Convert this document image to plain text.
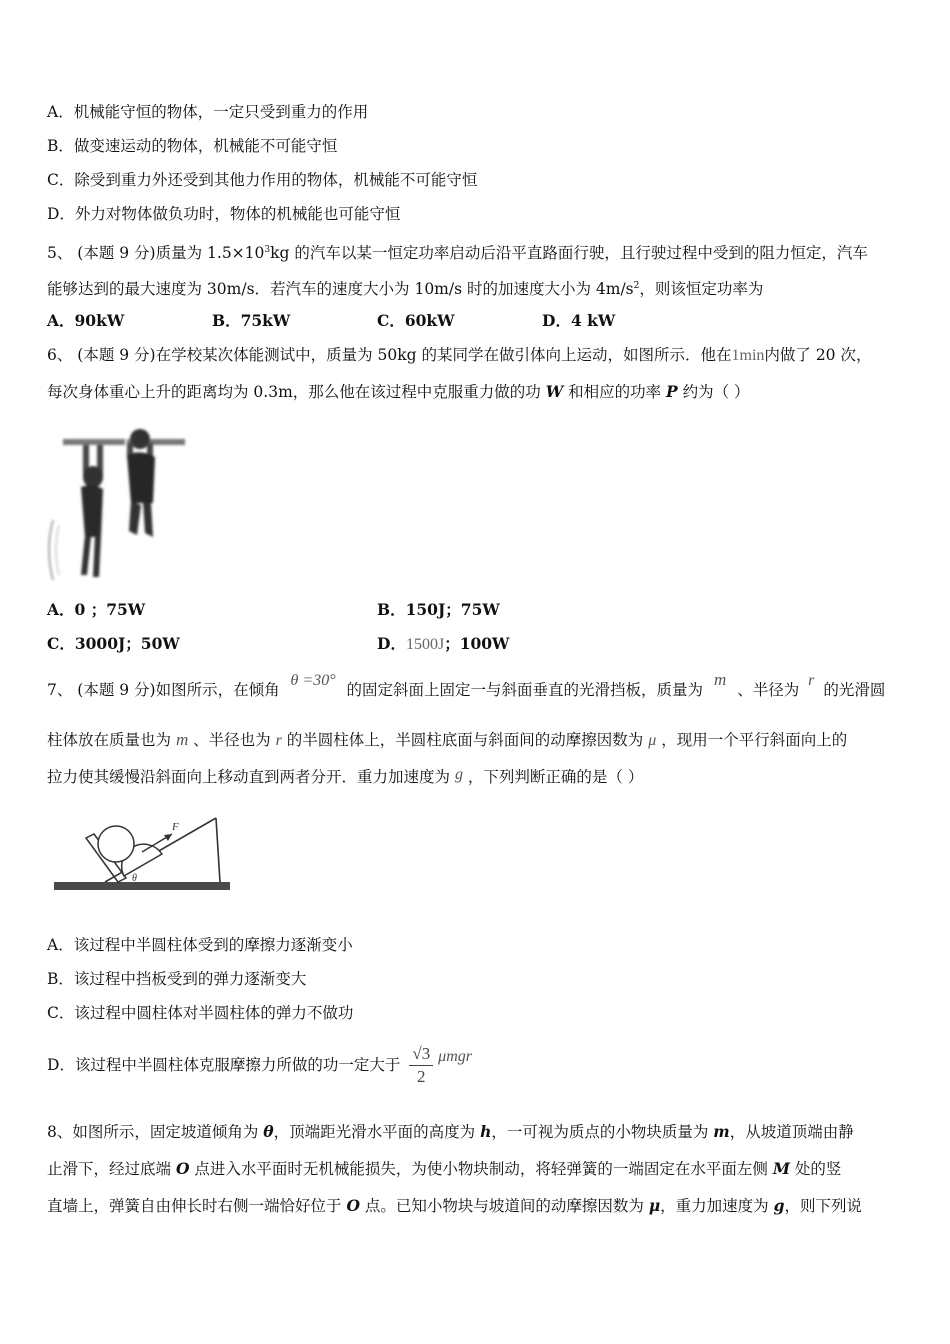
A．机械能守恒的物体，一定只受到重力的作用
B．做变速运动的物体，机械能不可能守恒
C．除受到重力外还受到其他力作用的物体，机械能不可能守恒
D．外力对物体做负功时，物体的机械能也可能守恒
5、 (本题 9 分)质量为 $1.5\times 10^3kg$ 的汽车以某一恒定功率启动后沿平直路面行驶，且行驶过程中受到的阻力恒定，汽车
能够达到的最大速度为 30m/s．若汽车的速度大小为 10m/s 时的加速度大小为 $4m/s^2$，则该恒定功率为
A．90kW	B．75kW	C．60kW	D．4 kW
6、 (本题 9 分)在学校某次体能测试中，质量为 50kg 的某同学在做引体向上运动，如图所示．他在1min内做了 20 次，
每次身体重心上升的距离均为 0.3m，那么他在该过程中克服重力做的功 W 和相应的功率 P 约为（ ）
A．0 ；75W	B．150J；75W
C．3000J；50W	D．1500J；100W
7、 (本题 9 分)如图所示，在倾角 θ =30° 的固定斜面上固定一与斜面垂直的光滑挡板，质量为 m 、半径为 r 的光滑圆
柱体放在质量也为 m 、半径也为 r 的半圆柱体上，半圆柱底面与斜面间的动摩擦因数为 μ ，现用一个平行斜面向上的
拉力使其缓慢沿斜面向上移动直到两者分开．重力加速度为 g ，下列判断正确的是（ ）
F
θ
A．该过程中半圆柱体受到的摩擦力逐渐变小
B．该过程中挡板受到的弹力逐渐变大
C．该过程中圆柱体对半圆柱体的弹力不做功
D．该过程中半圆柱体克服摩擦力所做的功一定大于 $\frac{√3}{2}$ μmgr
8、如图所示，固定坡道倾角为 θ，顶端距光滑水平面的高度为 h，一可视为质点的小物块质量为 m，从坡道顶端由静
止滑下，经过底端 O 点进入水平面时无机械能损失，为使小物块制动，将轻弹簧的一端固定在水平面左侧 M 处的竖
直墙上，弹簧自由伸长时右侧一端恰好位于 O 点。已知小物块与坡道间的动摩擦因数为 μ，重力加速度为 g，则下列说
